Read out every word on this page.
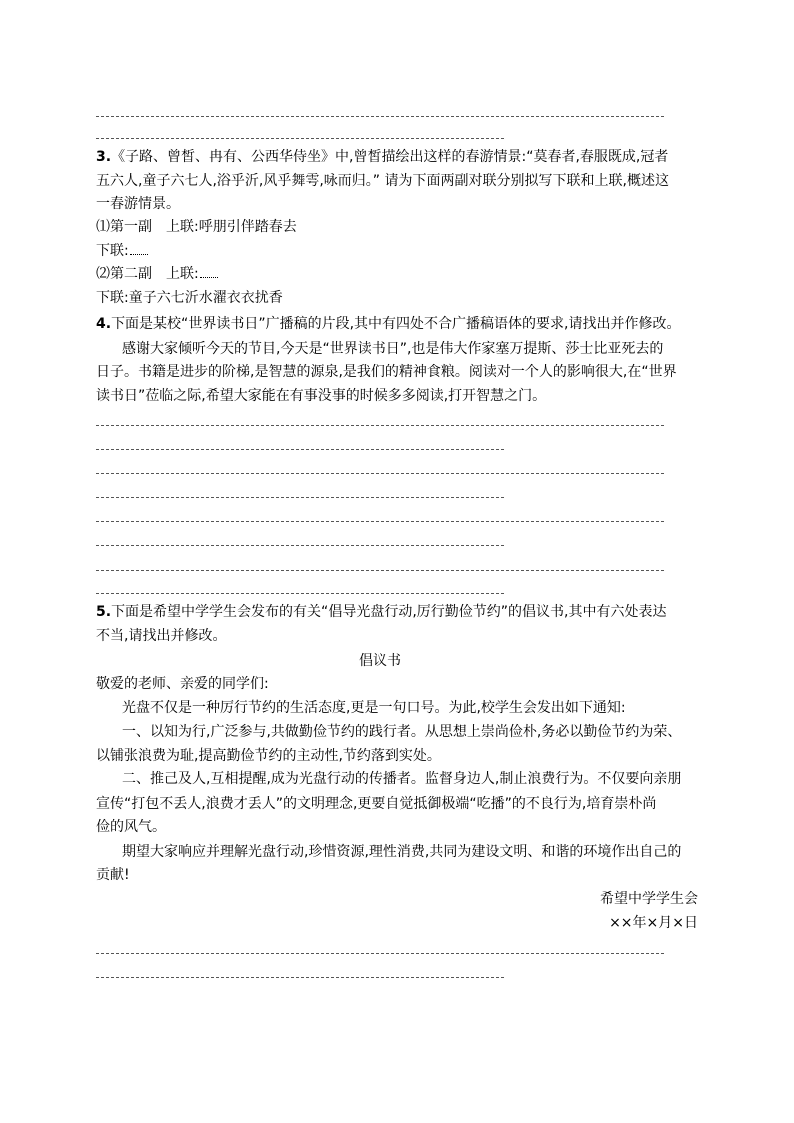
3.《子路、曾皙、冉有、公西华侍坐》中,曾皙描绘出这样的春游情景:“莫春者,春服既成,冠者
五六人,童子六七人,浴乎沂,风乎舞雩,咏而归。” 请为下面两副对联分别拟写下联和上联,概述这
一春游情景。
⑴第一副　上联:呼朋引伴踏春去
下联:
⑵第二副　上联:
下联:童子六七沂水濯衣衣扰香
4.下面是某校“世界读书日”广播稿的片段,其中有四处不合广播稿语体的要求,请找出并作修改。
感谢大家倾听今天的节目,今天是“世界读书日”,也是伟大作家塞万提斯、莎士比亚死去的
日子。书籍是进步的阶梯,是智慧的源泉,是我们的精神食粮。阅读对一个人的影响很大,在“世界
读书日”莅临之际,希望大家能在有事没事的时候多多阅读,打开智慧之门。
5.下面是希望中学学生会发布的有关“倡导光盘行动,厉行勤俭节约”的倡议书,其中有六处表达
不当,请找出并修改。
倡议书
敬爱的老师、亲爱的同学们:
光盘不仅是一种厉行节约的生活态度,更是一句口号。为此,校学生会发出如下通知:
一、以知为行,广泛参与,共做勤俭节约的践行者。从思想上崇尚俭朴,务必以勤俭节约为荣、
以铺张浪费为耻,提高勤俭节约的主动性,节约落到实处。
二、推己及人,互相提醒,成为光盘行动的传播者。监督身边人,制止浪费行为。不仅要向亲朋
宣传“打包不丢人,浪费才丢人”的文明理念,更要自觉抵御极端“吃播”的不良行为,培育崇朴尚
俭的风气。
期望大家响应并理解光盘行动,珍惜资源,理性消费,共同为建设文明、和谐的环境作出自己的
贡献!
希望中学学生会
××年×月×日
